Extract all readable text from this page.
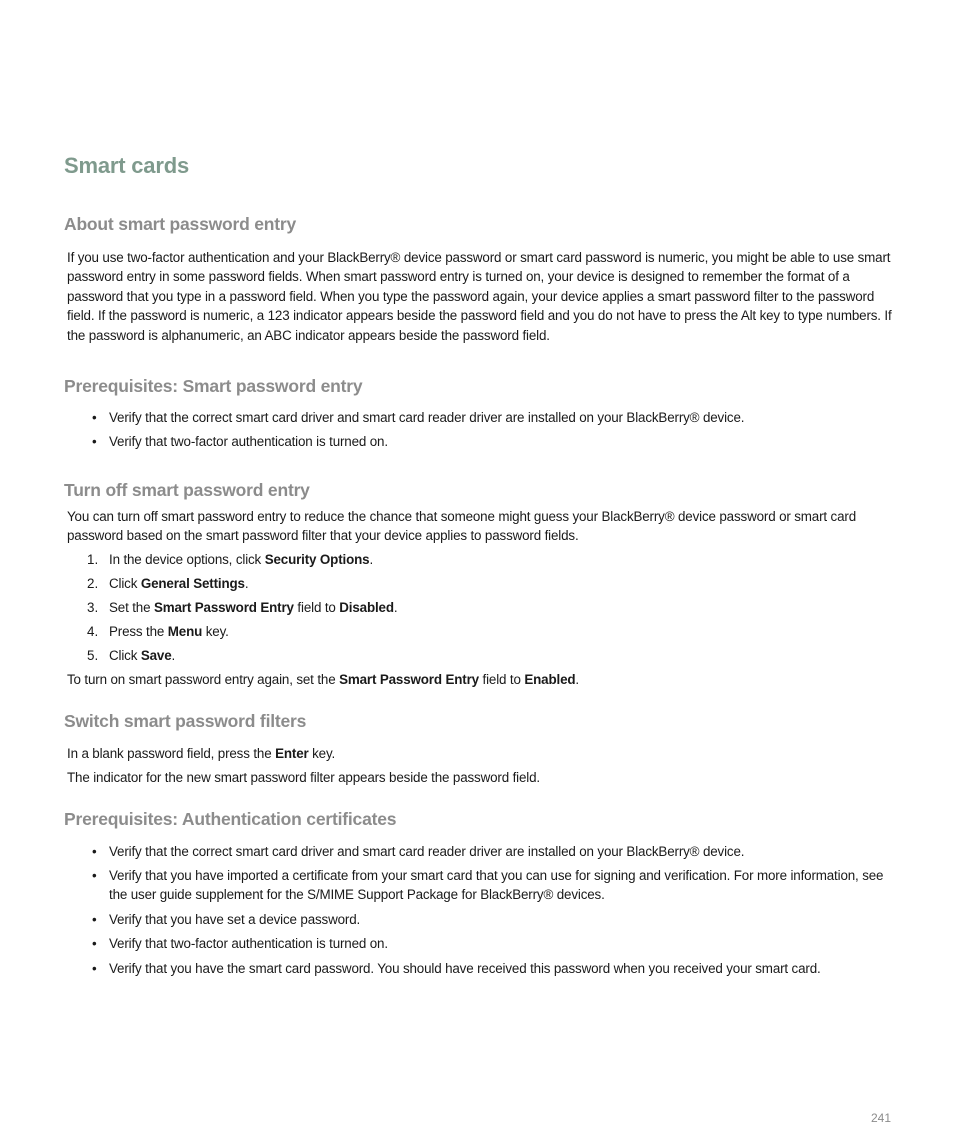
Smart cards
About smart password entry

If you use two-factor authentication and your BlackBerry® device password or smart card password is numeric, you might be able to use smart password entry in some password fields. When smart password entry is turned on, your device is designed to remember the format of a password that you type in a password field. When you type the password again, your device applies a smart password filter to the password field. If the password is numeric, a 123 indicator appears beside the password field and you do not have to press the Alt key to type numbers. If the password is alphanumeric, an ABC indicator appears beside the password field.

Prerequisites: Smart password entry
• Verify that the correct smart card driver and smart card reader driver are installed on your BlackBerry® device.

• Verify that two-factor authentication is turned on.

Turn off smart password entry

You can turn off smart password entry to reduce the chance that someone might guess your BlackBerry® device password or smart card password based on the smart password filter that your device applies to password fields.

1. In the device options, click Security Options.

2. Click General Settings.

3. Set the Smart Password Entry field to Disabled.

4. Press the Menu key.

5. Click Save.

To turn on smart password entry again, set the Smart Password Entry field to Enabled.

Switch smart password filters

In a blank password field, press the Enter key.

The indicator for the new smart password filter appears beside the password field.

Prerequisites: Authentication certificates
• Verify that the correct smart card driver and smart card reader driver are installed on your BlackBerry® device.

• Verify that you have imported a certificate from your smart card that you can use for signing and verification. For more information, see the user guide supplement for the S/MIME Support Package for BlackBerry® devices.

• Verify that you have set a device password.

• Verify that two-factor authentication is turned on.

• Verify that you have the smart card password. You should have received this password when you received your smart card.

241
